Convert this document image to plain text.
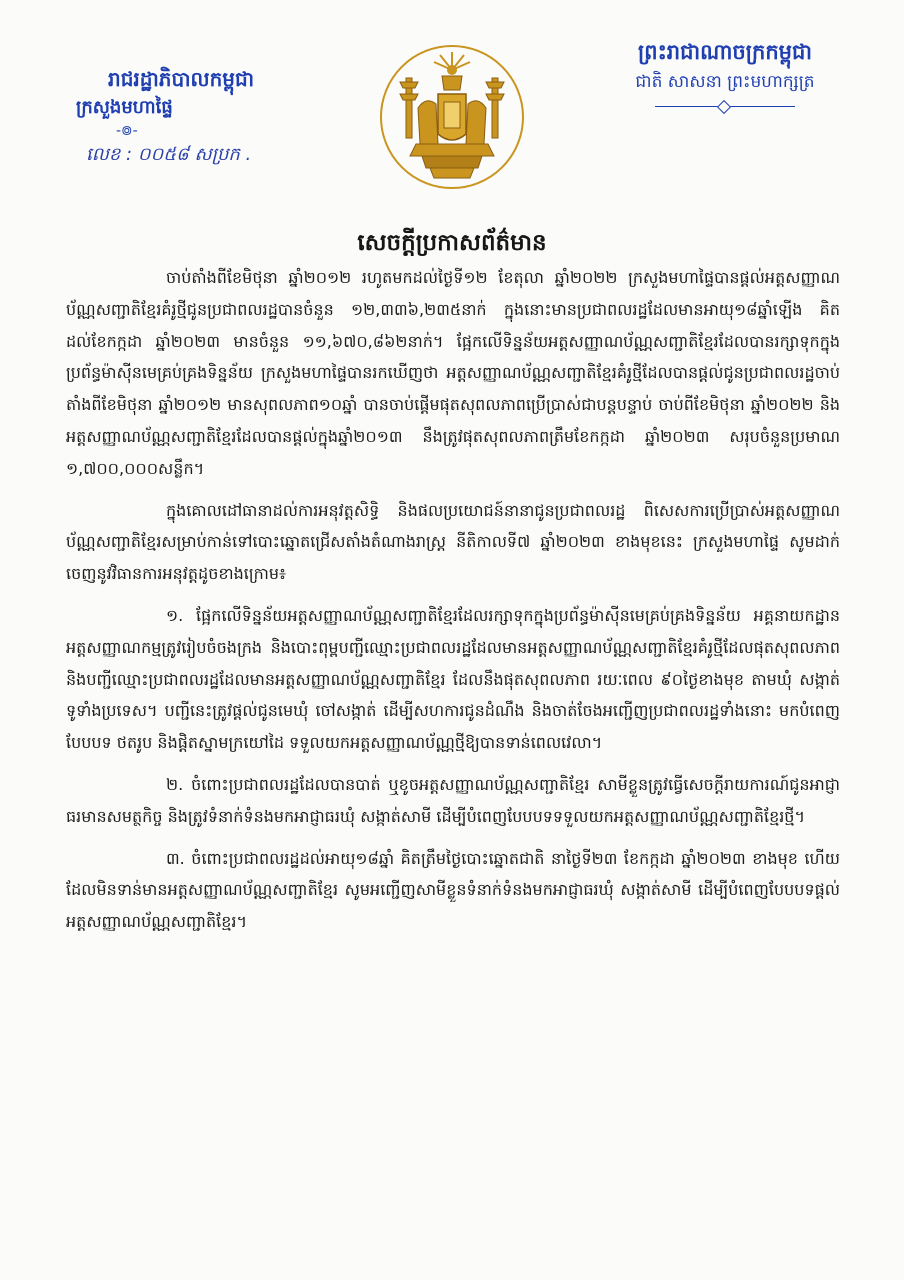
រាជរដ្ឋាភិបាលកម្ពុជា
ក្រសួងមហាផ្ទៃ
-៙-
លេខ : ០០៥៨ សប្រក .
ព្រះរាជាណាចក្រកម្ពុជា
ជាតិ សាសនា ព្រះមហាក្សត្រ
សេចក្តីប្រកាសព័ត៌មាន

ចាប់តាំងពីខែមិថុនា ឆ្នាំ២០១២ រហូតមកដល់ថ្ងៃទី១២ ខែតុលា ឆ្នាំ២០២២ ក្រសួងមហាផ្ទៃបានផ្តល់អត្តសញ្ញាណប័ណ្ណសញ្ជាតិខ្មែរគំរូថ្មីជូនប្រជាពលរដ្ឋបានចំនួន ១២,៣៣៦,២៣៥នាក់ ក្នុងនោះមានប្រជាពលរដ្ឋដែលមានអាយុ១៨ឆ្នាំឡើង គិតដល់ខែកក្កដា ឆ្នាំ២០២៣ មានចំនួន ១១,៦៧០,៨៦២នាក់។ ផ្អែកលើទិន្នន័យអត្តសញ្ញាណប័ណ្ណសញ្ជាតិខ្មែរដែលបានរក្សាទុកក្នុងប្រព័ន្ធម៉ាស៊ីនមេគ្រប់គ្រងទិន្នន័យ ក្រសួងមហាផ្ទៃបានរកឃើញថា អត្តសញ្ញាណប័ណ្ណសញ្ជាតិខ្មែរគំរូថ្មីដែលបានផ្តល់ជូនប្រជាពលរដ្ឋចាប់តាំងពីខែមិថុនា ឆ្នាំ២០១២ មានសុពលភាព១០ឆ្នាំ បានចាប់ផ្តើមផុតសុពលភាពប្រើប្រាស់ជាបន្តបន្ទាប់ ចាប់ពីខែមិថុនា ឆ្នាំ២០២២ និងអត្តសញ្ញាណប័ណ្ណសញ្ជាតិខ្មែរដែលបានផ្តល់ក្នុងឆ្នាំ២០១៣ នឹងត្រូវផុតសុពលភាពត្រឹមខែកក្កដា ឆ្នាំ២០២៣ សរុបចំនួនប្រមាណ ១,៧០០,០០០សន្លឹក។

ក្នុងគោលដៅធានាដល់ការអនុវត្តសិទ្ធិ និងផលប្រយោជន៍នានាជូនប្រជាពលរដ្ឋ ពិសេសការប្រើប្រាស់អត្តសញ្ញាណប័ណ្ណសញ្ជាតិខ្មែរសម្រាប់កាន់ទៅបោះឆ្នោតជ្រើសតាំងតំណាងរាស្ត្រ នីតិកាលទី៧ ឆ្នាំ២០២៣ ខាងមុខនេះ ក្រសួងមហាផ្ទៃ សូមដាក់ចេញនូវវិធានការអនុវត្តដូចខាងក្រោម៖

១. ផ្អែកលើទិន្នន័យអត្តសញ្ញាណប័ណ្ណសញ្ជាតិខ្មែរដែលរក្សាទុកក្នុងប្រព័ន្ធម៉ាស៊ីនមេគ្រប់គ្រងទិន្នន័យ អគ្គនាយកដ្ឋានអត្តសញ្ញាណកម្មត្រូវរៀបចំចងក្រង និងបោះពុម្ពបញ្ជីឈ្មោះប្រជាពលរដ្ឋដែលមានអត្តសញ្ញាណប័ណ្ណសញ្ជាតិខ្មែរគំរូថ្មីដែលផុតសុពលភាព និងបញ្ជីឈ្មោះប្រជាពលរដ្ឋដែលមានអត្តសញ្ញាណប័ណ្ណសញ្ជាតិខ្មែរ ដែលនឹងផុតសុពលភាព រយៈពេល ៩០ថ្ងៃខាងមុខ តាមឃុំ សង្កាត់ ទូទាំងប្រទេស។ បញ្ជីនេះត្រូវផ្តល់ជូនមេឃុំ ចៅសង្កាត់ ដើម្បីសហការជូនដំណឹង និងចាត់ចែងអញ្ជើញប្រជាពលរដ្ឋទាំងនោះ មកបំពេញបែបបទ ថតរូប និងផ្តិតស្នាមក្រយៅដៃ ទទួលយកអត្តសញ្ញាណប័ណ្ណថ្មីឱ្យបានទាន់ពេលវេលា។

២. ចំពោះប្រជាពលរដ្ឋដែលបានបាត់ ឬខូចអត្តសញ្ញាណប័ណ្ណសញ្ជាតិខ្មែរ សាមីខ្លួនត្រូវធ្វើសេចក្តីរាយការណ៍ជូនអាជ្ញាធរមានសមត្ថកិច្ច និងត្រូវទំនាក់ទំនងមកអាជ្ញាធរឃុំ សង្កាត់សាមី ដើម្បីបំពេញបែបបទទទួលយកអត្តសញ្ញាណប័ណ្ណសញ្ជាតិខ្មែរថ្មី។

៣. ចំពោះប្រជាពលរដ្ឋដល់អាយុ១៨ឆ្នាំ គិតត្រឹមថ្ងៃបោះឆ្នោតជាតិ នាថ្ងៃទី២៣ ខែកក្កដា ឆ្នាំ២០២៣ ខាងមុខ ហើយដែលមិនទាន់មានអត្តសញ្ញាណប័ណ្ណសញ្ជាតិខ្មែរ សូមអញ្ជើញសាមីខ្លួនទំនាក់ទំនងមកអាជ្ញាធរឃុំ សង្កាត់សាមី ដើម្បីបំពេញបែបបទផ្តល់អត្តសញ្ញាណប័ណ្ណសញ្ជាតិខ្មែរ។
